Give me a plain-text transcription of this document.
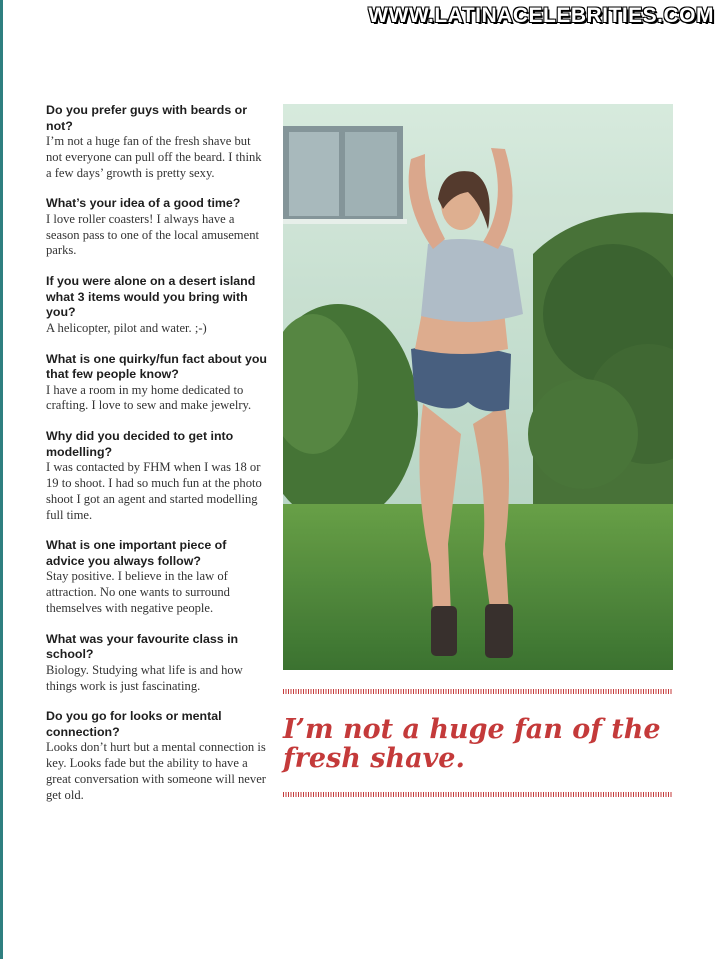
WWW.LATINACELEBRITIES.COM
Do you prefer guys with beards or not?
I’m not a huge fan of the fresh shave but not everyone can pull off the beard. I think a few days’ growth is pretty sexy.
What’s your idea of a good time?
I love roller coasters! I always have a season pass to one of the local amusement parks.
If you were alone on a desert island what 3 items would you bring with you?
A helicopter, pilot and water. ;-)
What is one quirky/fun fact about you that few people know?
I have a room in my home dedicated to crafting. I love to sew and make jewelry.
Why did you decided to get into modelling?
I was contacted by FHM when I was 18 or 19 to shoot. I had so much fun at the photo shoot I got an agent and started modelling full time.
What is one important piece of advice you always follow?
Stay positive. I believe in the law of attraction. No one wants to surround themselves with negative people.
What was your favourite class in school?
Biology. Studying what life is and how things work is just fascinating.
Do you go for looks or mental connection?
Looks don’t hurt but a mental connection is key. Looks fade but the ability to have a great conversation with someone will never get old.
I’m not a huge fan of the fresh shave.
